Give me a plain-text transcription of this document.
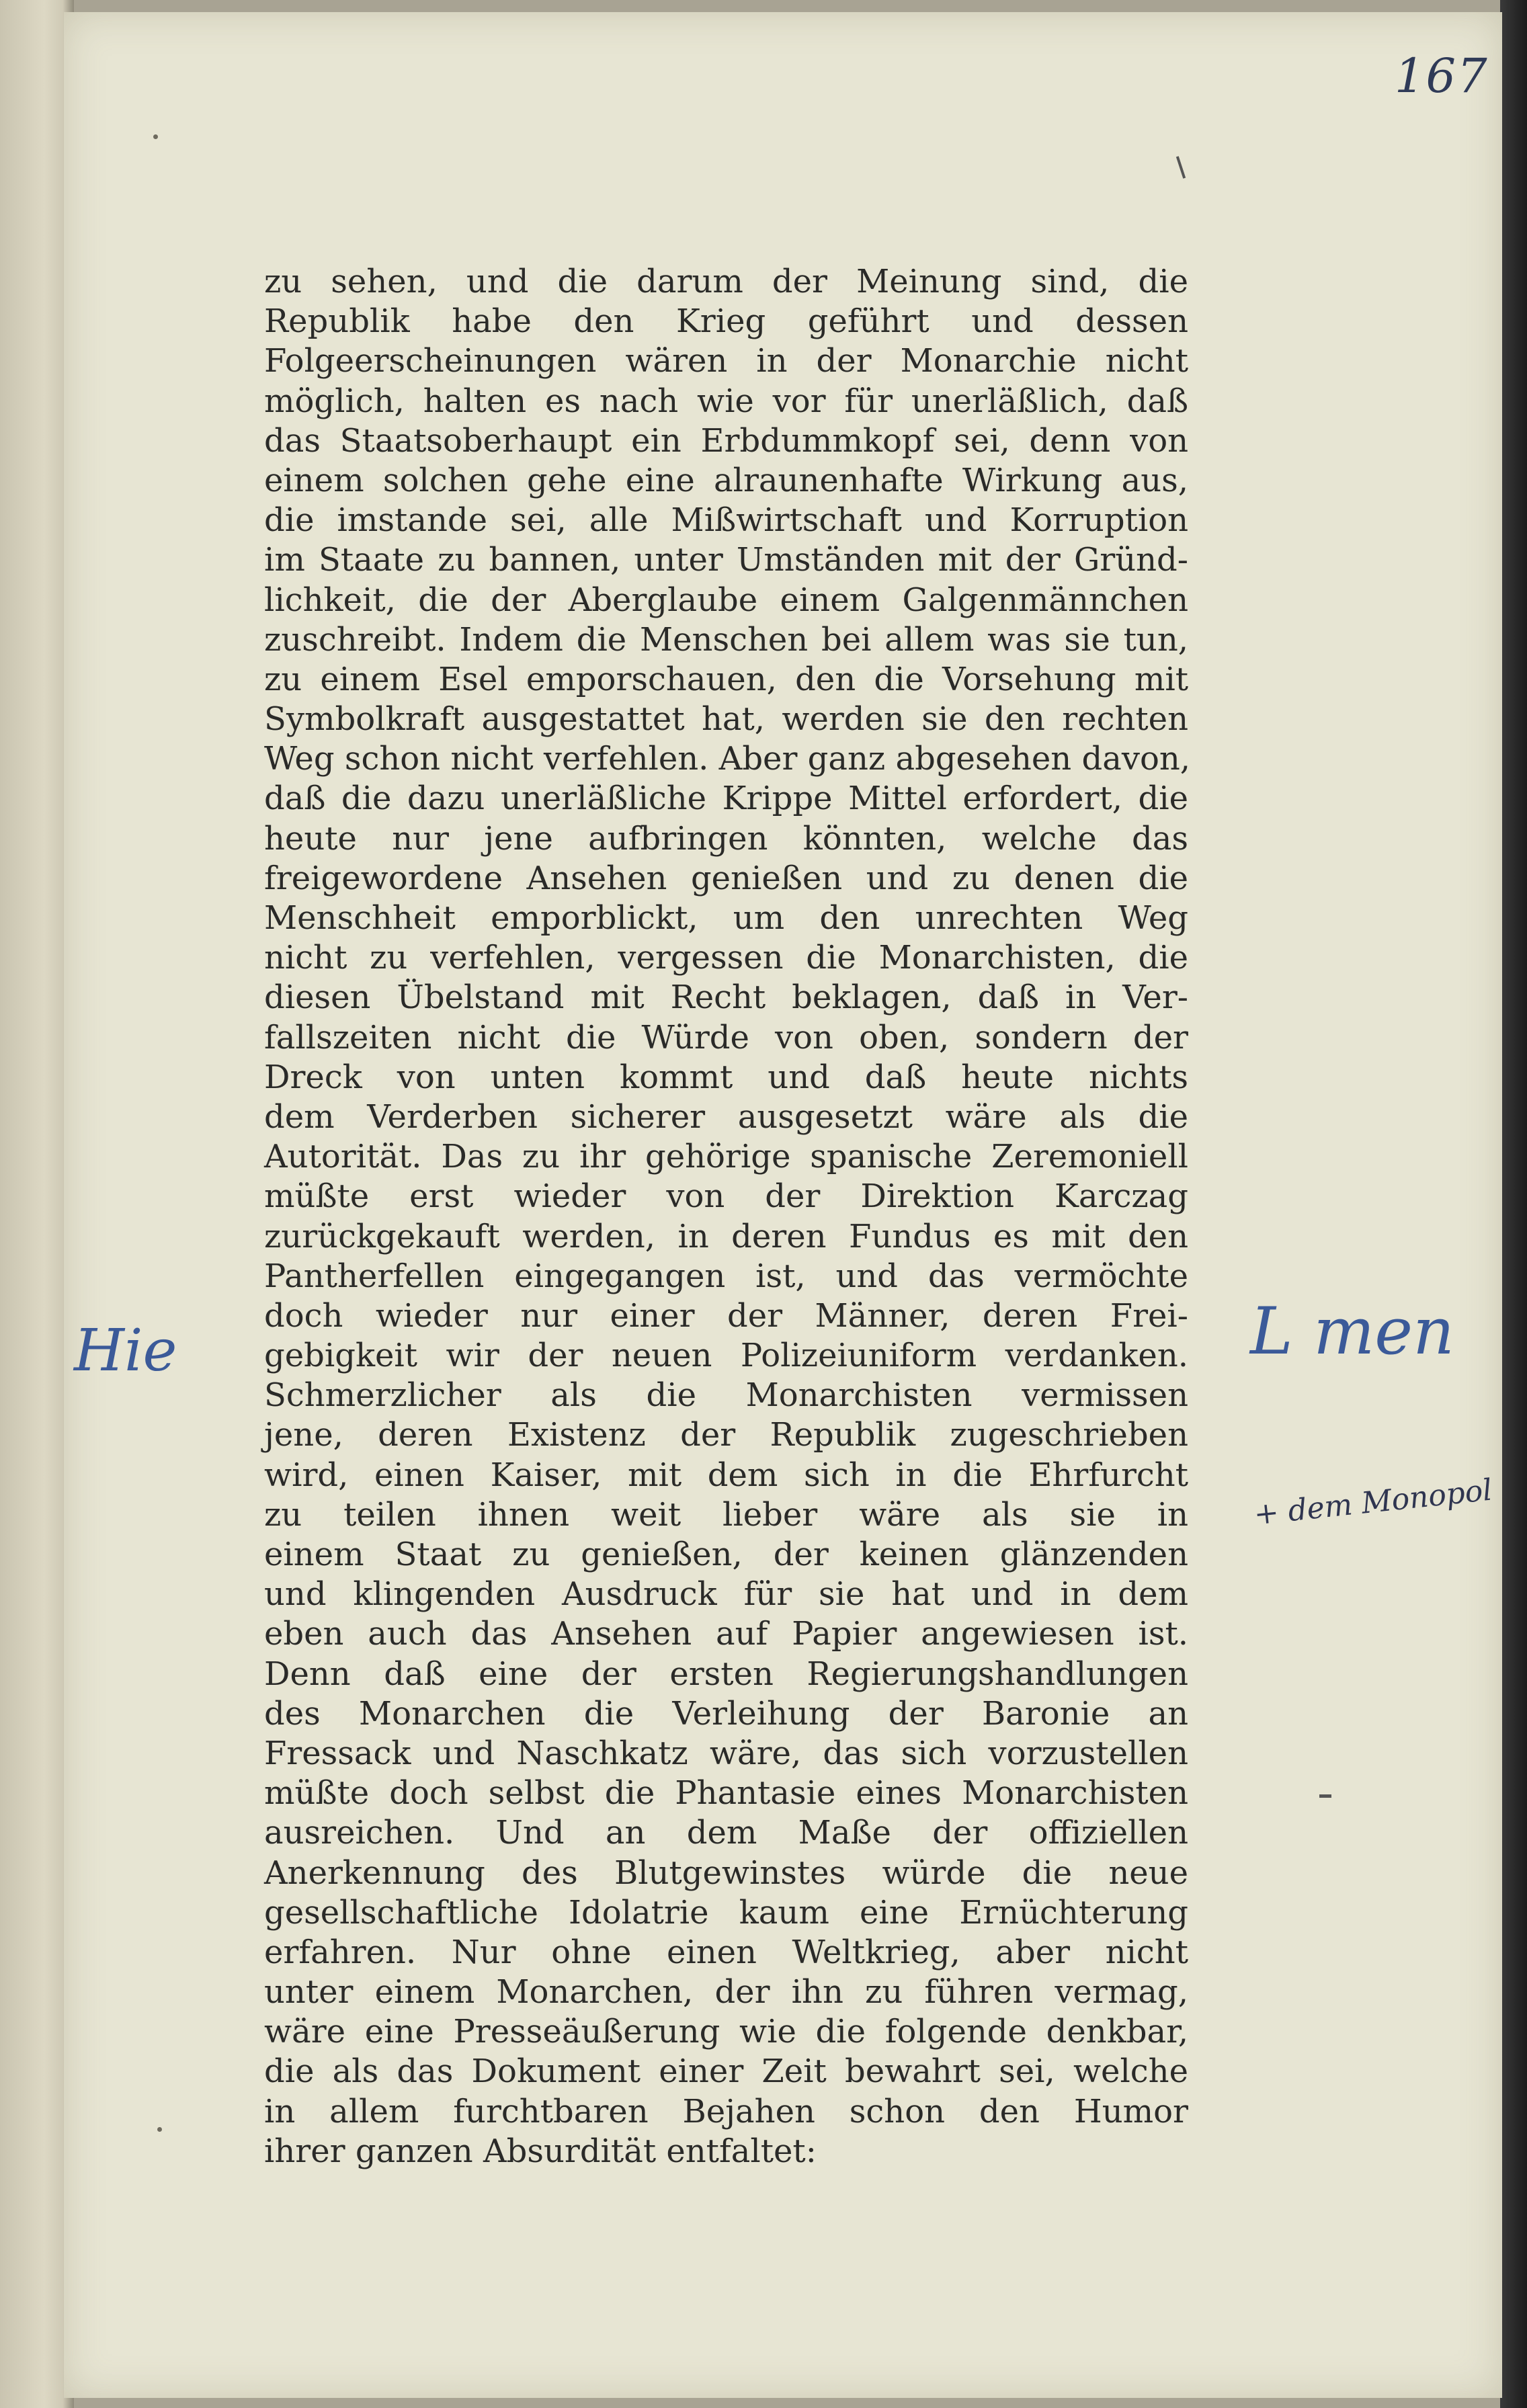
167
zu sehen, und die darum der Meinung sind, die
Republik habe den Krieg geführt und dessen
Folgeerscheinungen wären in der Monarchie nicht
möglich, halten es nach wie vor für unerläßlich, daß
das Staatsoberhaupt ein Erbdummkopf sei, denn von
einem solchen gehe eine alraunenhafte Wirkung aus,
die imstande sei, alle Mißwirtschaft und Korruption
im Staate zu bannen, unter Umständen mit der Gründ-
lichkeit, die der Aberglaube einem Galgenmännchen
zuschreibt. Indem die Menschen bei allem was sie tun,
zu einem Esel emporschauen, den die Vorsehung mit
Symbolkraft ausgestattet hat, werden sie den rechten
Weg schon nicht verfehlen. Aber ganz abgesehen davon,
daß die dazu unerläßliche Krippe Mittel erfordert, die
heute nur jene aufbringen könnten, welche das
freigewordene Ansehen genießen und zu denen die
Menschheit emporblickt, um den unrechten Weg
nicht zu verfehlen, vergessen die Monarchisten, die
diesen Übelstand mit Recht beklagen, daß in Ver-
fallszeiten nicht die Würde von oben, sondern der
Dreck von unten kommt und daß heute nichts
dem Verderben sicherer ausgesetzt wäre als die
Autorität. Das zu ihr gehörige spanische Zeremoniell
müßte erst wieder von der Direktion Karczag
zurückgekauft werden, in deren Fundus es mit den
Pantherfellen eingegangen ist, und das vermöchte
doch wieder nur einer der Männer, deren Frei-
gebigkeit wir der neuen Polizeiuniform verdanken.
Schmerzlicher als die Monarchisten vermissen
jene, deren Existenz der Republik zugeschrieben
wird, einen Kaiser, mit dem sich in die Ehrfurcht
zu teilen ihnen weit lieber wäre als sie in
einem Staat zu genießen, der keinen glänzenden
und klingenden Ausdruck für sie hat und in dem
eben auch das Ansehen auf Papier angewiesen ist.
Denn daß eine der ersten Regierungshandlungen
des Monarchen die Verleihung der Baronie an
Fressack und Naschkatz wäre, das sich vorzustellen
müßte doch selbst die Phantasie eines Monarchisten
ausreichen. Und an dem Maße der offiziellen
Anerkennung des Blutgewinstes würde die neue
gesellschaftliche Idolatrie kaum eine Ernüchterung
erfahren. Nur ohne einen Weltkrieg, aber nicht
unter einem Monarchen, der ihn zu führen vermag,
wäre eine Presseäußerung wie die folgende denkbar,
die als das Dokument einer Zeit bewahrt sei, welche
in allem furchtbaren Bejahen schon den Humor
ihrer ganzen Absurdität entfaltet:
Hie	L men
+ dem Monopol
